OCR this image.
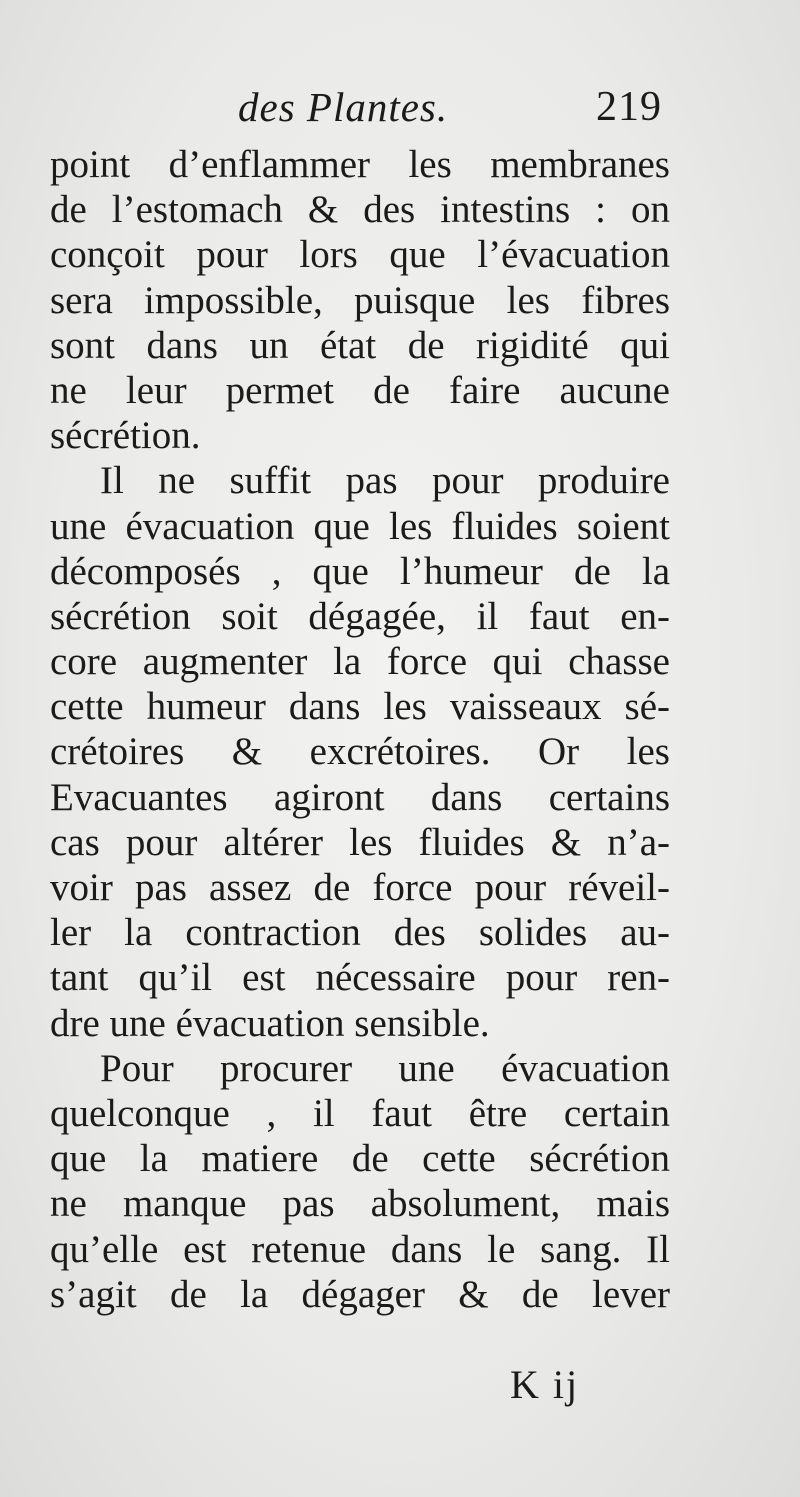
des Plantes.	219
point d’enflammer les membranes
de l’estomach & des intestins : on
conçoit pour lors que l’évacuation
sera impossible, puisque les fibres
sont dans un état de rigidité qui
ne leur permet de faire aucune
sécrétion.
Il ne suffit pas pour produire
une évacuation que les fluides soient
décomposés , que l’humeur de la
sécrétion soit dégagée, il faut en-
core augmenter la force qui chasse
cette humeur dans les vaisseaux sé-
crétoires & excrétoires. Or les
Evacuantes agiront dans certains
cas pour altérer les fluides & n’a-
voir pas assez de force pour réveil-
ler la contraction des solides au-
tant qu’il est nécessaire pour ren-
dre une évacuation sensible.
Pour procurer une évacuation
quelconque , il faut être certain
que la matiere de cette sécrétion
ne manque pas absolument, mais
qu’elle est retenue dans le sang. Il
s’agit de la dégager & de lever
K ij
